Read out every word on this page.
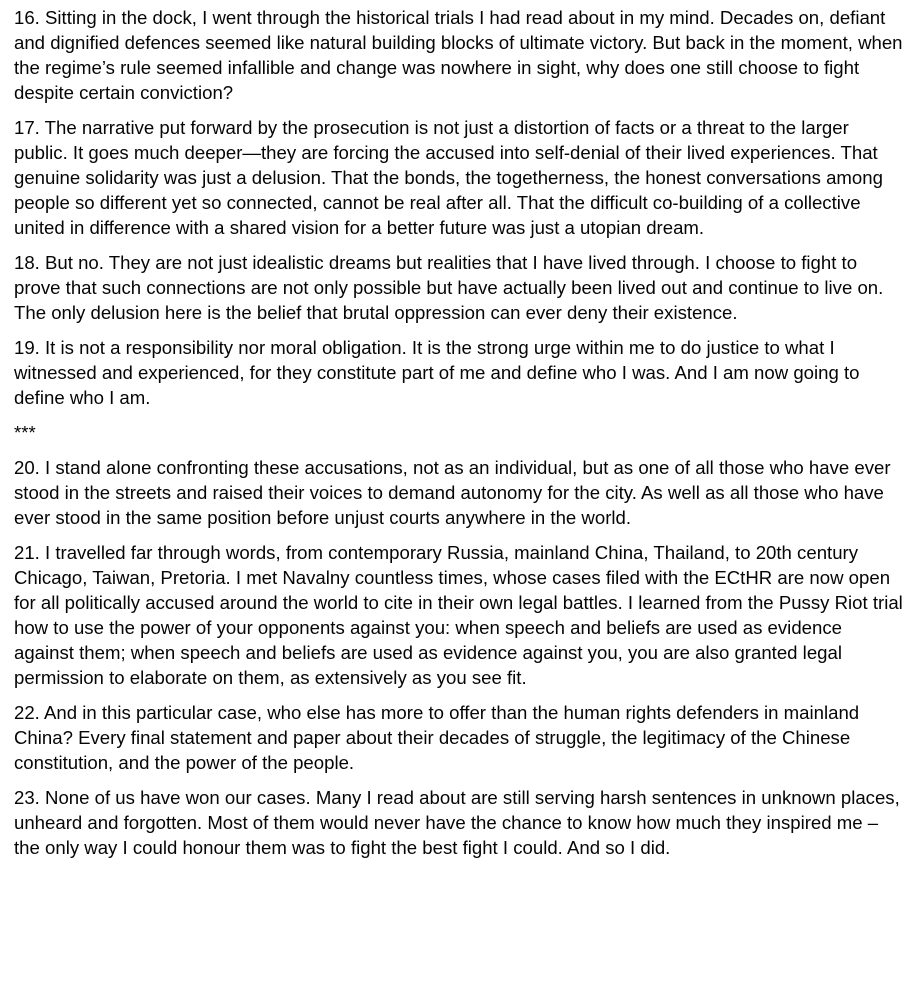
16. Sitting in the dock, I went through the historical trials I had read about in my mind. Decades on, defiant and dignified defences seemed like natural building blocks of ultimate victory. But back in the moment, when the regime’s rule seemed infallible and change was nowhere in sight, why does one still choose to fight despite certain conviction?

17. The narrative put forward by the prosecution is not just a distortion of facts or a threat to the larger public. It goes much deeper—they are forcing the accused into self-denial of their lived experiences. That genuine solidarity was just a delusion. That the bonds, the togetherness, the honest conversations among people so different yet so connected, cannot be real after all. That the difficult co-building of a collective united in difference with a shared vision for a better future was just a utopian dream.

18. But no. They are not just idealistic dreams but realities that I have lived through. I choose to fight to prove that such connections are not only possible but have actually been lived out and continue to live on. The only delusion here is the belief that brutal oppression can ever deny their existence.

19. It is not a responsibility nor moral obligation. It is the strong urge within me to do justice to what I witnessed and experienced, for they constitute part of me and define who I was. And I am now going to define who I am.

***

20. I stand alone confronting these accusations, not as an individual, but as one of all those who have ever stood in the streets and raised their voices to demand autonomy for the city. As well as all those who have ever stood in the same position before unjust courts anywhere in the world.

21. I travelled far through words, from contemporary Russia, mainland China, Thailand, to 20th century Chicago, Taiwan, Pretoria. I met Navalny countless times, whose cases filed with the ECtHR are now open for all politically accused around the world to cite in their own legal battles. I learned from the Pussy Riot trial how to use the power of your opponents against you: when speech and beliefs are used as evidence against them; when speech and beliefs are used as evidence against you, you are also granted legal permission to elaborate on them, as extensively as you see fit.

22. And in this particular case, who else has more to offer than the human rights defenders in mainland China? Every final statement and paper about their decades of struggle, the legitimacy of the Chinese constitution, and the power of the people.

23. None of us have won our cases. Many I read about are still serving harsh sentences in unknown places, unheard and forgotten. Most of them would never have the chance to know how much they inspired me – the only way I could honour them was to fight the best fight I could. And so I did.
